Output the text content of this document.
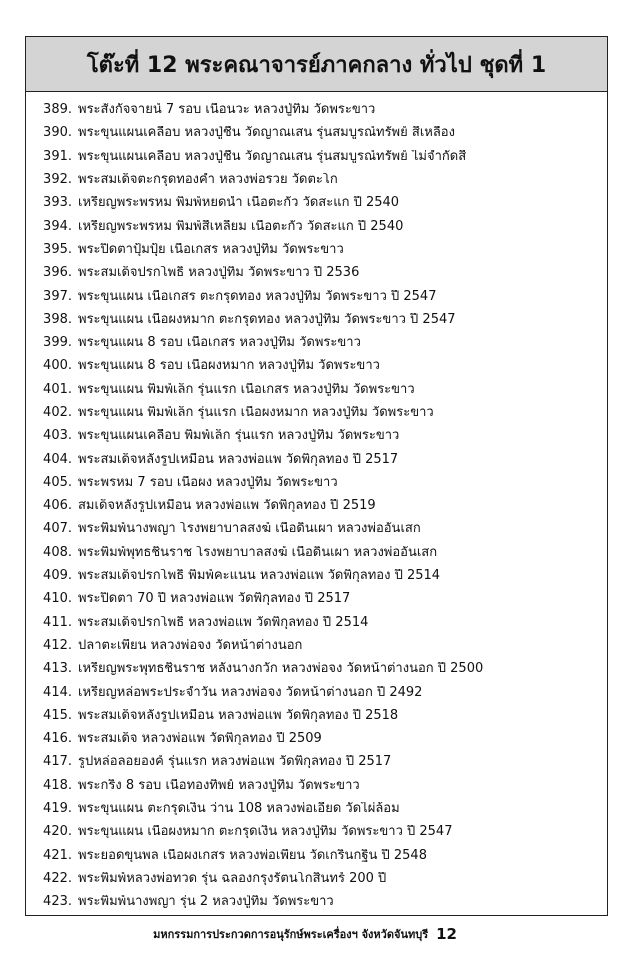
โต๊ะที่ 12 พระคณาจารย์ภาคกลาง ทั่วไป ชุดที่ 1
389. พระสังกัจจายน์ 7 รอบ เนื้อนวะ หลวงปู่ทิม วัดพระขาว
390. พระขุนแผนเคลือบ หลวงปู่ชื้น วัดญาณเสน รุ่นสมบูรณ์ทรัพย์ สีเหลือง
391. พระขุนแผนเคลือบ หลวงปู่ชื้น วัดญาณเสน รุ่นสมบูรณ์ทรัพย์ ไม่จำกัดสี
392. พระสมเด็จตะกรุดทองคำ หลวงพ่อรวย วัดตะโก
393. เหรียญพระพรหม พิมพ์หยดน้ำ เนื้อตะกั่ว วัดสะแก ปี 2540
394. เหรียญพระพรหม พิมพ์สี่เหลี่ยม เนื้อตะกั่ว วัดสะแก ปี 2540
395. พระปิดตาปุ้มปุ้ย เนื้อเกสร หลวงปู่ทิม วัดพระขาว
396. พระสมเด็จปรกโพธิ์ หลวงปู่ทิม วัดพระขาว ปี 2536
397. พระขุนแผน เนื้อเกสร ตะกรุดทอง หลวงปู่ทิม วัดพระขาว ปี 2547
398. พระขุนแผน เนื้อผงหมาก ตะกรุดทอง หลวงปู่ทิม วัดพระขาว ปี 2547
399. พระขุนแผน 8 รอบ เนื้อเกสร หลวงปู่ทิม วัดพระขาว
400. พระขุนแผน 8 รอบ เนื้อผงหมาก หลวงปู่ทิม วัดพระขาว
401. พระขุนแผน พิมพ์เล็ก รุ่นแรก เนื้อเกสร หลวงปู่ทิม วัดพระขาว
402. พระขุนแผน พิมพ์เล็ก รุ่นแรก เนื้อผงหมาก หลวงปู่ทิม วัดพระขาว
403. พระขุนแผนเคลือบ พิมพ์เล็ก รุ่นแรก หลวงปู่ทิม วัดพระขาว
404. พระสมเด็จหลังรูปเหมือน หลวงพ่อแพ วัดพิกุลทอง ปี 2517
405. พระพรหม 7 รอบ เนื้อผง หลวงปู่ทิม วัดพระขาว
406. สมเด็จหลังรูปเหมือน หลวงพ่อแพ วัดพิกุลทอง ปี 2519
407. พระพิมพ์นางพญา โรงพยาบาลสงฆ์ เนื้อดินเผา หลวงพ่ออั้นเสก
408. พระพิมพ์พุทธชินราช โรงพยาบาลสงฆ์ เนื้อดินเผา หลวงพ่ออั้นเสก
409. พระสมเด็จปรกโพธิ์ พิมพ์คะแนน หลวงพ่อแพ วัดพิกุลทอง ปี 2514
410. พระปิดตา 70 ปี หลวงพ่อแพ วัดพิกุลทอง ปี 2517
411. พระสมเด็จปรกโพธิ์ หลวงพ่อแพ วัดพิกุลทอง ปี 2514
412. ปลาตะเพียน หลวงพ่อจง วัดหน้าต่างนอก
413. เหรียญพระพุทธชินราช หลังนางกวัก หลวงพ่อจง วัดหน้าต่างนอก ปี 2500
414. เหรียญหล่อพระประจำวัน หลวงพ่อจง วัดหน้าต่างนอก ปี 2492
415. พระสมเด็จหลังรูปเหมือน หลวงพ่อแพ วัดพิกุลทอง ปี 2518
416. พระสมเด็จ หลวงพ่อแพ วัดพิกุลทอง ปี 2509
417. รูปหล่อลอยองค์ รุ่นแรก หลวงพ่อแพ วัดพิกุลทอง ปี 2517
418. พระกริ่ง 8 รอบ เนื้อทองทิพย์ หลวงปู่ทิม วัดพระขาว
419. พระขุนแผน ตะกรุดเงิน ว่าน 108 หลวงพ่อเอียด วัดไผ่ล้อม
420. พระขุนแผน เนื้อผงหมาก ตะกรุดเงิน หลวงปู่ทิม วัดพระขาว ปี 2547
421. พระยอดขุนพล เนื้อผงเกสร หลวงพ่อเพี้ยน วัดเกริ่นกฐิน ปี 2548
422. พระพิมพ์หลวงพ่อทวด รุ่น ฉลองกรุงรัตนโกสินทร์ 200 ปี
423. พระพิมพ์นางพญา รุ่น 2 หลวงปู่ทิม วัดพระขาว
มหกรรมการประกวดการอนุรักษ์พระเครื่องฯ จังหวัดจันทบุรี 12
